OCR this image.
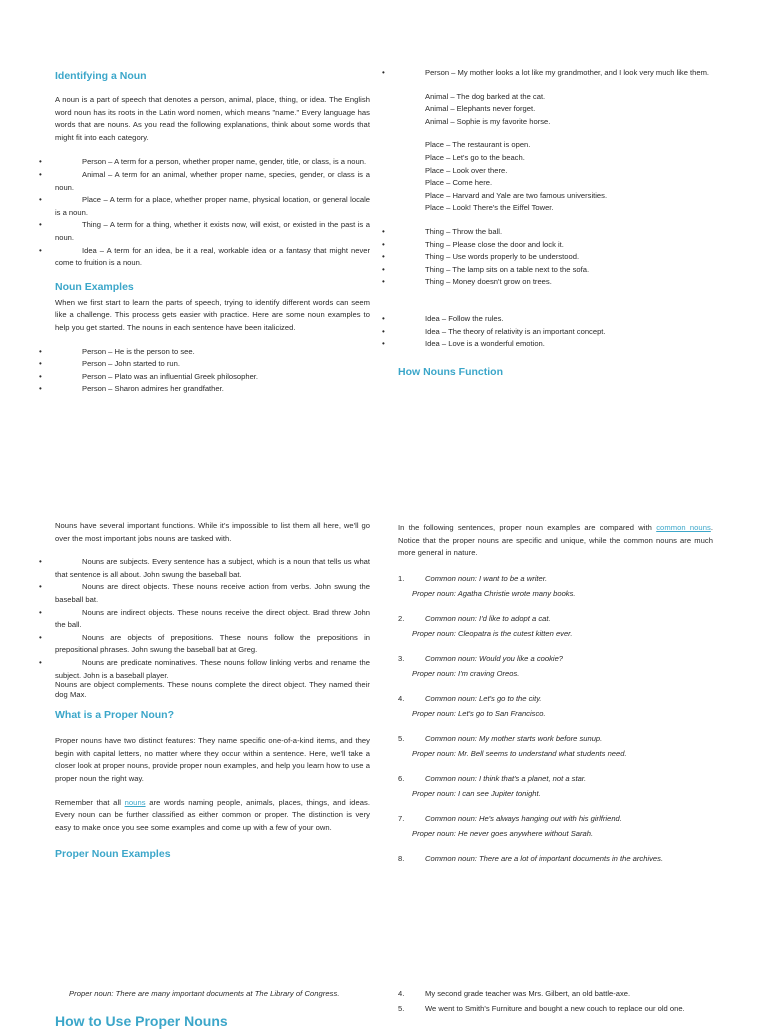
Identifying a Noun

A noun is a part of speech that denotes a person, animal, place, thing, or idea. The English word noun has its roots in the Latin word nomen, which means "name." Every language has words that are nouns. As you read the following explanations, think about some words that might fit into each category.

•	Person – A term for a person, whether proper name, gender, title, or class, is a noun.
•	Animal – A term for an animal, whether proper name, species, gender, or class is a noun.
•	Place – A term for a place, whether proper name, physical location, or general locale is a noun.
•	Thing – A term for a thing, whether it exists now, will exist, or existed in the past is a noun.
•	Idea – A term for an idea, be it a real, workable idea or a fantasy that might never come to fruition is a noun.
Noun Examples

When we first start to learn the parts of speech, trying to identify different words can seem like a challenge. This process gets easier with practice. Here are some noun examples to help you get started. The nouns in each sentence have been italicized.

•	Person – He is the person to see.
•	Person – John started to run.
•	Person – Plato was an influential Greek philosopher.
•	Person – Sharon admires her grandfather.
•	Person – My mother looks a lot like my grandmother, and I look very much like them.
Animal – The dog barked at the cat.
Animal – Elephants never forget.
Animal – Sophie is my favorite horse.
Place – The restaurant is open.
Place – Let's go to the beach.
Place – Look over there.
Place – Come here.
Place – Harvard and Yale are two famous universities.
Place – Look! There's the Eiffel Tower.
•	Thing – Throw the ball.
•	Thing – Please close the door and lock it.
•	Thing – Use words properly to be understood.
•	Thing – The lamp sits on a table next to the sofa.
•	Thing – Money doesn't grow on trees.
•	Idea – Follow the rules.
•	Idea – The theory of relativity is an important concept.
•	Idea – Love is a wonderful emotion.
How Nouns Function

Nouns have several important functions. While it's impossible to list them all here, we'll go over the most important jobs nouns are tasked with.

•	Nouns are subjects. Every sentence has a subject, which is a noun that tells us what that sentence is all about. John swung the baseball bat.
•	Nouns are direct objects. These nouns receive action from verbs. John swung the baseball bat.
•	Nouns are indirect objects. These nouns receive the direct object. Brad threw John the ball.
•	Nouns are objects of prepositions. These nouns follow the prepositions in prepositional phrases. John swung the baseball bat at Greg.
•	Nouns are predicate nominatives. These nouns follow linking verbs and rename the subject. John is a baseball player.

Nouns are object complements. These nouns complete the direct object. They named their dog Max.

What is a Proper Noun?

Proper nouns have two distinct features: They name specific one-of-a-kind items, and they begin with capital letters, no matter where they occur within a sentence. Here, we'll take a closer look at proper nouns, provide proper noun examples, and help you learn how to use a proper noun the right way.

Remember that all nouns are words naming people, animals, places, things, and ideas. Every noun can be further classified as either common or proper. The distinction is very easy to make once you see some examples and come up with a few of your own.

Proper Noun Examples

In the following sentences, proper noun examples are compared with common nouns. Notice that the proper nouns are specific and unique, while the common nouns are much more general in nature.

1.	Common noun: I want to be a writer.
Proper noun: Agatha Christie wrote many books.
2.	Common noun: I'd like to adopt a cat.
Proper noun: Cleopatra is the cutest kitten ever.
3.	Common noun: Would you like a cookie?
Proper noun: I'm craving Oreos.
4.	Common noun: Let's go to the city.
Proper noun: Let's go to San Francisco.
5.	Common noun: My mother starts work before sunup.
Proper noun: Mr. Bell seems to understand what students need.
6.	Common noun: I think that's a planet, not a star.
Proper noun: I can see Jupiter tonight.
7.	Common noun: He's always hanging out with his girlfriend.
Proper noun: He never goes anywhere without Sarah.
8.	Common noun: There are a lot of important documents in the archives.

Proper noun: There are many important documents at The Library of Congress.

How to Use Proper Nouns
4.	My second grade teacher was Mrs. Gilbert, an old battle-axe.
5.	We went to Smith's Furniture and bought a new couch to replace our old one.
